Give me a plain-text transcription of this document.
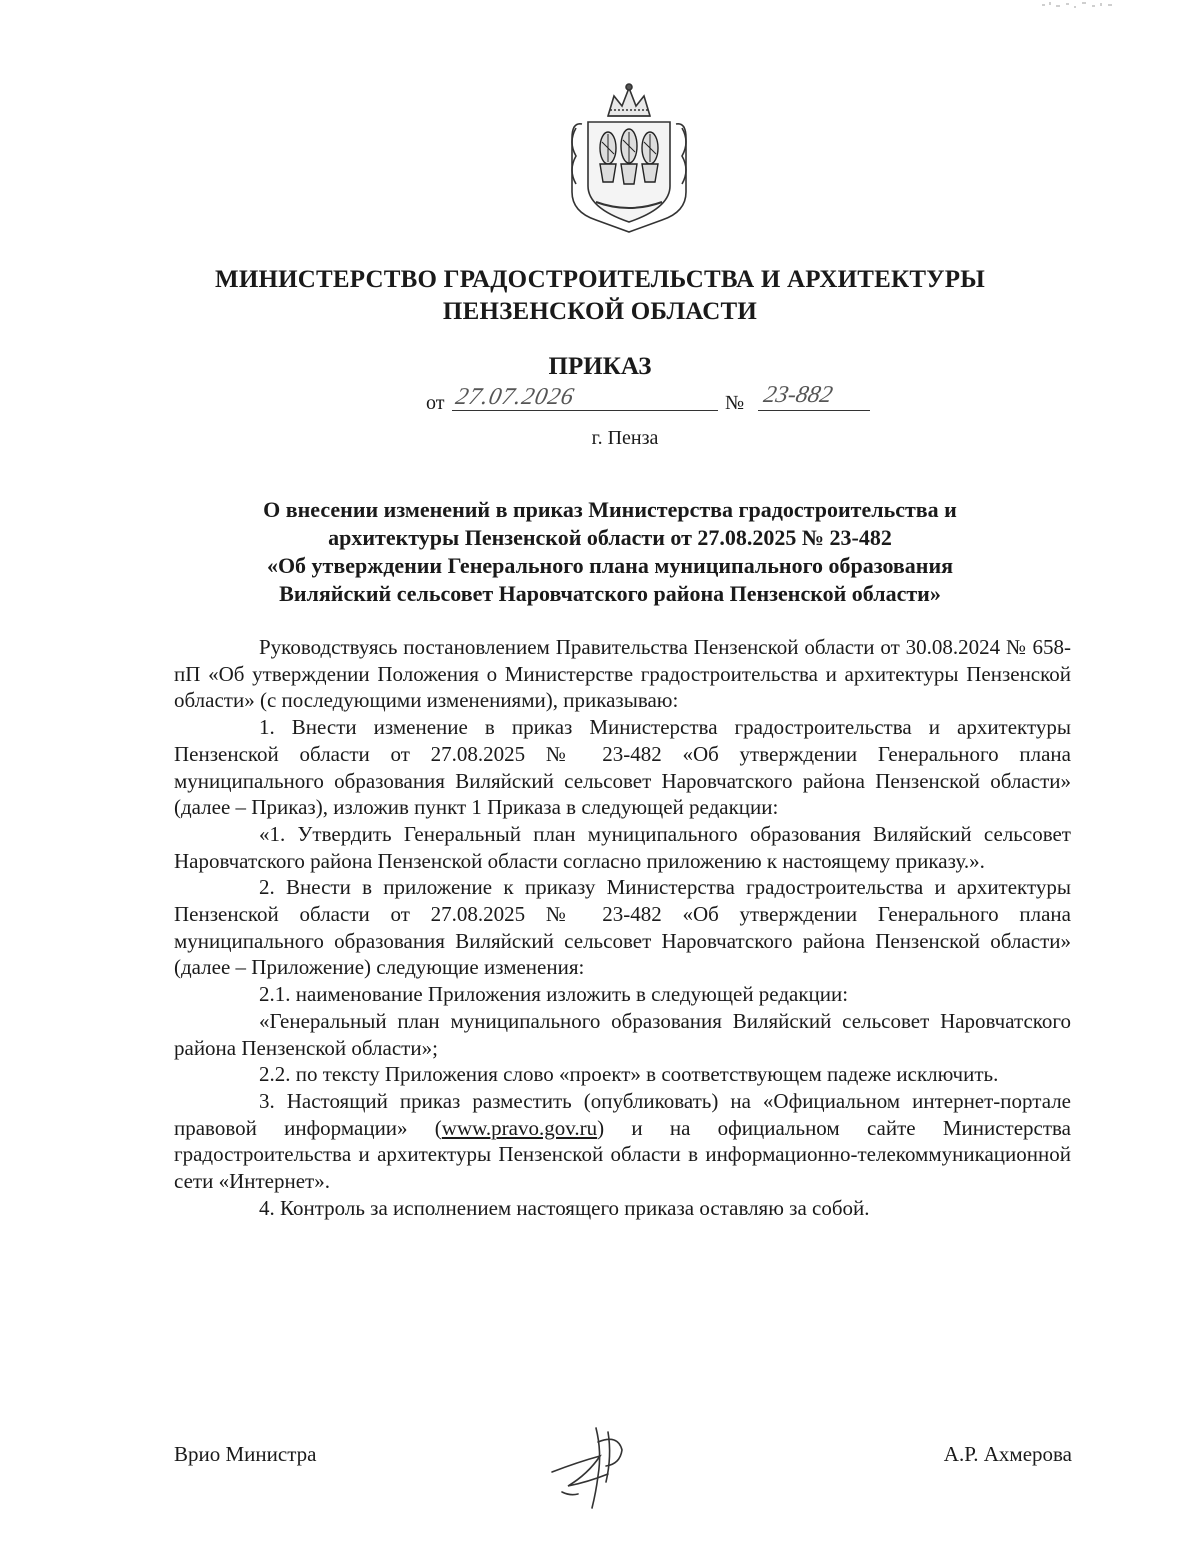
МИНИСТЕРСТВО ГРАДОСТРОИТЕЛЬСТВА И АРХИТЕКТУРЫ
ПЕНЗЕНСКОЙ ОБЛАСТИ
ПРИКАЗ
от 27.07.2026	№ 23-882
г. Пенза
О внесении изменений в приказ Министерства градостроительства и
архитектуры Пензенской области от 27.08.2025 № 23-482
«Об утверждении Генерального плана муниципального образования
Виляйский сельсовет Наровчатского района Пензенской области»

Руководствуясь постановлением Правительства Пензенской области от 30.08.2024 № 658-пП «Об утверждении Положения о Министерстве градостроительства и архитектуры Пензенской области» (с последующими изменениями), приказываю:

1. Внести изменение в приказ Министерства градостроительства и архитектуры Пензенской области от 27.08.2025 № 23-482 «Об утверждении Генерального плана муниципального образования Виляйский сельсовет Наровчатского района Пензенской области» (далее – Приказ), изложив пункт 1 Приказа в следующей редакции:

«1. Утвердить Генеральный план муниципального образования Виляйский сельсовет Наровчатского района Пензенской области согласно приложению к настоящему приказу.».

2. Внести в приложение к приказу Министерства градостроительства и архитектуры Пензенской области от 27.08.2025 № 23-482 «Об утверждении Генерального плана муниципального образования Виляйский сельсовет Наровчатского района Пензенской области» (далее – Приложение) следующие изменения:

2.1. наименование Приложения изложить в следующей редакции:

«Генеральный план муниципального образования Виляйский сельсовет Наровчатского района Пензенской области»;

2.2. по тексту Приложения слово «проект» в соответствующем падеже исключить.

3. Настоящий приказ разместить (опубликовать) на «Официальном интернет-портале правовой информации» (www.pravo.gov.ru) и на официальном сайте Министерства градостроительства и архитектуры Пензенской области в информационно-телекоммуникационной сети «Интернет».

4. Контроль за исполнением настоящего приказа оставляю за собой.

Врио Министра	А.Р. Ахмерова
